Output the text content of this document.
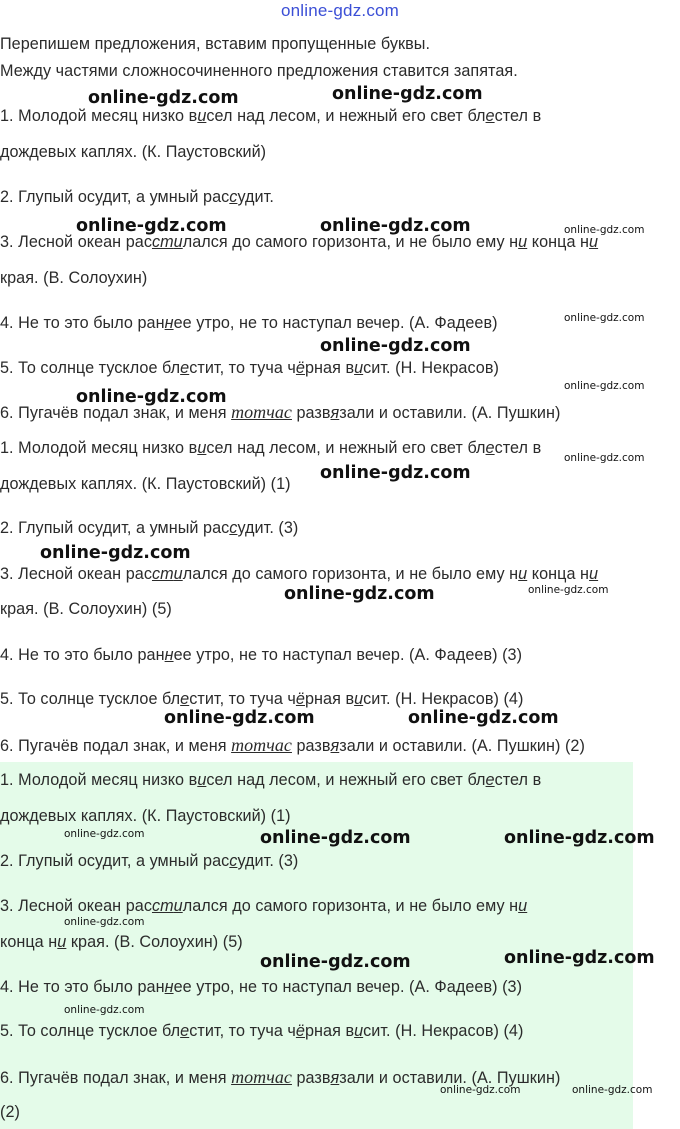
online-gdz.com
Перепишем предложения, вставим пропущенные буквы.
Между частями сложносочиненного предложения ставится запятая.
1. Молодой месяц низко висел над лесом, и нежный его свет блестел в
дождевых каплях. (К. Паустовский)
2. Глупый осудит, а умный рассудит.
3. Лесной океан расстилался до самого горизонта, и не было ему ни конца ни
края. (В. Солоухин)
4. Не то это было раннее утро, не то наступал вечер. (А. Фадеев)
5. То солнце тусклое блестит, то туча чёрная висит. (Н. Некрасов)
6. Пугачёв подал знак, и меня тотчас развязали и оставили. (А. Пушкин)
1. Молодой месяц низко висел над лесом, и нежный его свет блестел в
дождевых каплях. (К. Паустовский) (1)
2. Глупый осудит, а умный рассудит. (3)
3. Лесной океан расстилался до самого горизонта, и не было ему ни конца ни
края. (В. Солоухин) (5)
4. Не то это было раннее утро, не то наступал вечер. (А. Фадеев) (3)
5. То солнце тусклое блестит, то туча чёрная висит. (Н. Некрасов) (4)
6. Пугачёв подал знак, и меня тотчас развязали и оставили. (А. Пушкин) (2)
1. Молодой месяц низко висел над лесом, и нежный его свет блестел в
дождевых каплях. (К. Паустовский) (1)
2. Глупый осудит, а умный рассудит. (3)
3. Лесной океан расстилался до самого горизонта, и не было ему ни
конца ни края. (В. Солоухин) (5)
4. Не то это было раннее утро, не то наступал вечер. (А. Фадеев) (3)
5. То солнце тусклое блестит, то туча чёрная висит. (Н. Некрасов) (4)
6. Пугачёв подал знак, и меня тотчас развязали и оставили. (А. Пушкин)
(2)
online-gdz.com	online-gdz.com
online-gdz.com	online-gdz.com	online-gdz.com
online-gdz.com
online-gdz.com
online-gdz.com
online-gdz.com
online-gdz.com
online-gdz.com
online-gdz.com
online-gdz.com	online-gdz.com
online-gdz.com	online-gdz.com
online-gdz.com	online-gdz.com	online-gdz.com
online-gdz.com
online-gdz.com	online-gdz.com
online-gdz.com
online-gdz.com	online-gdz.com
